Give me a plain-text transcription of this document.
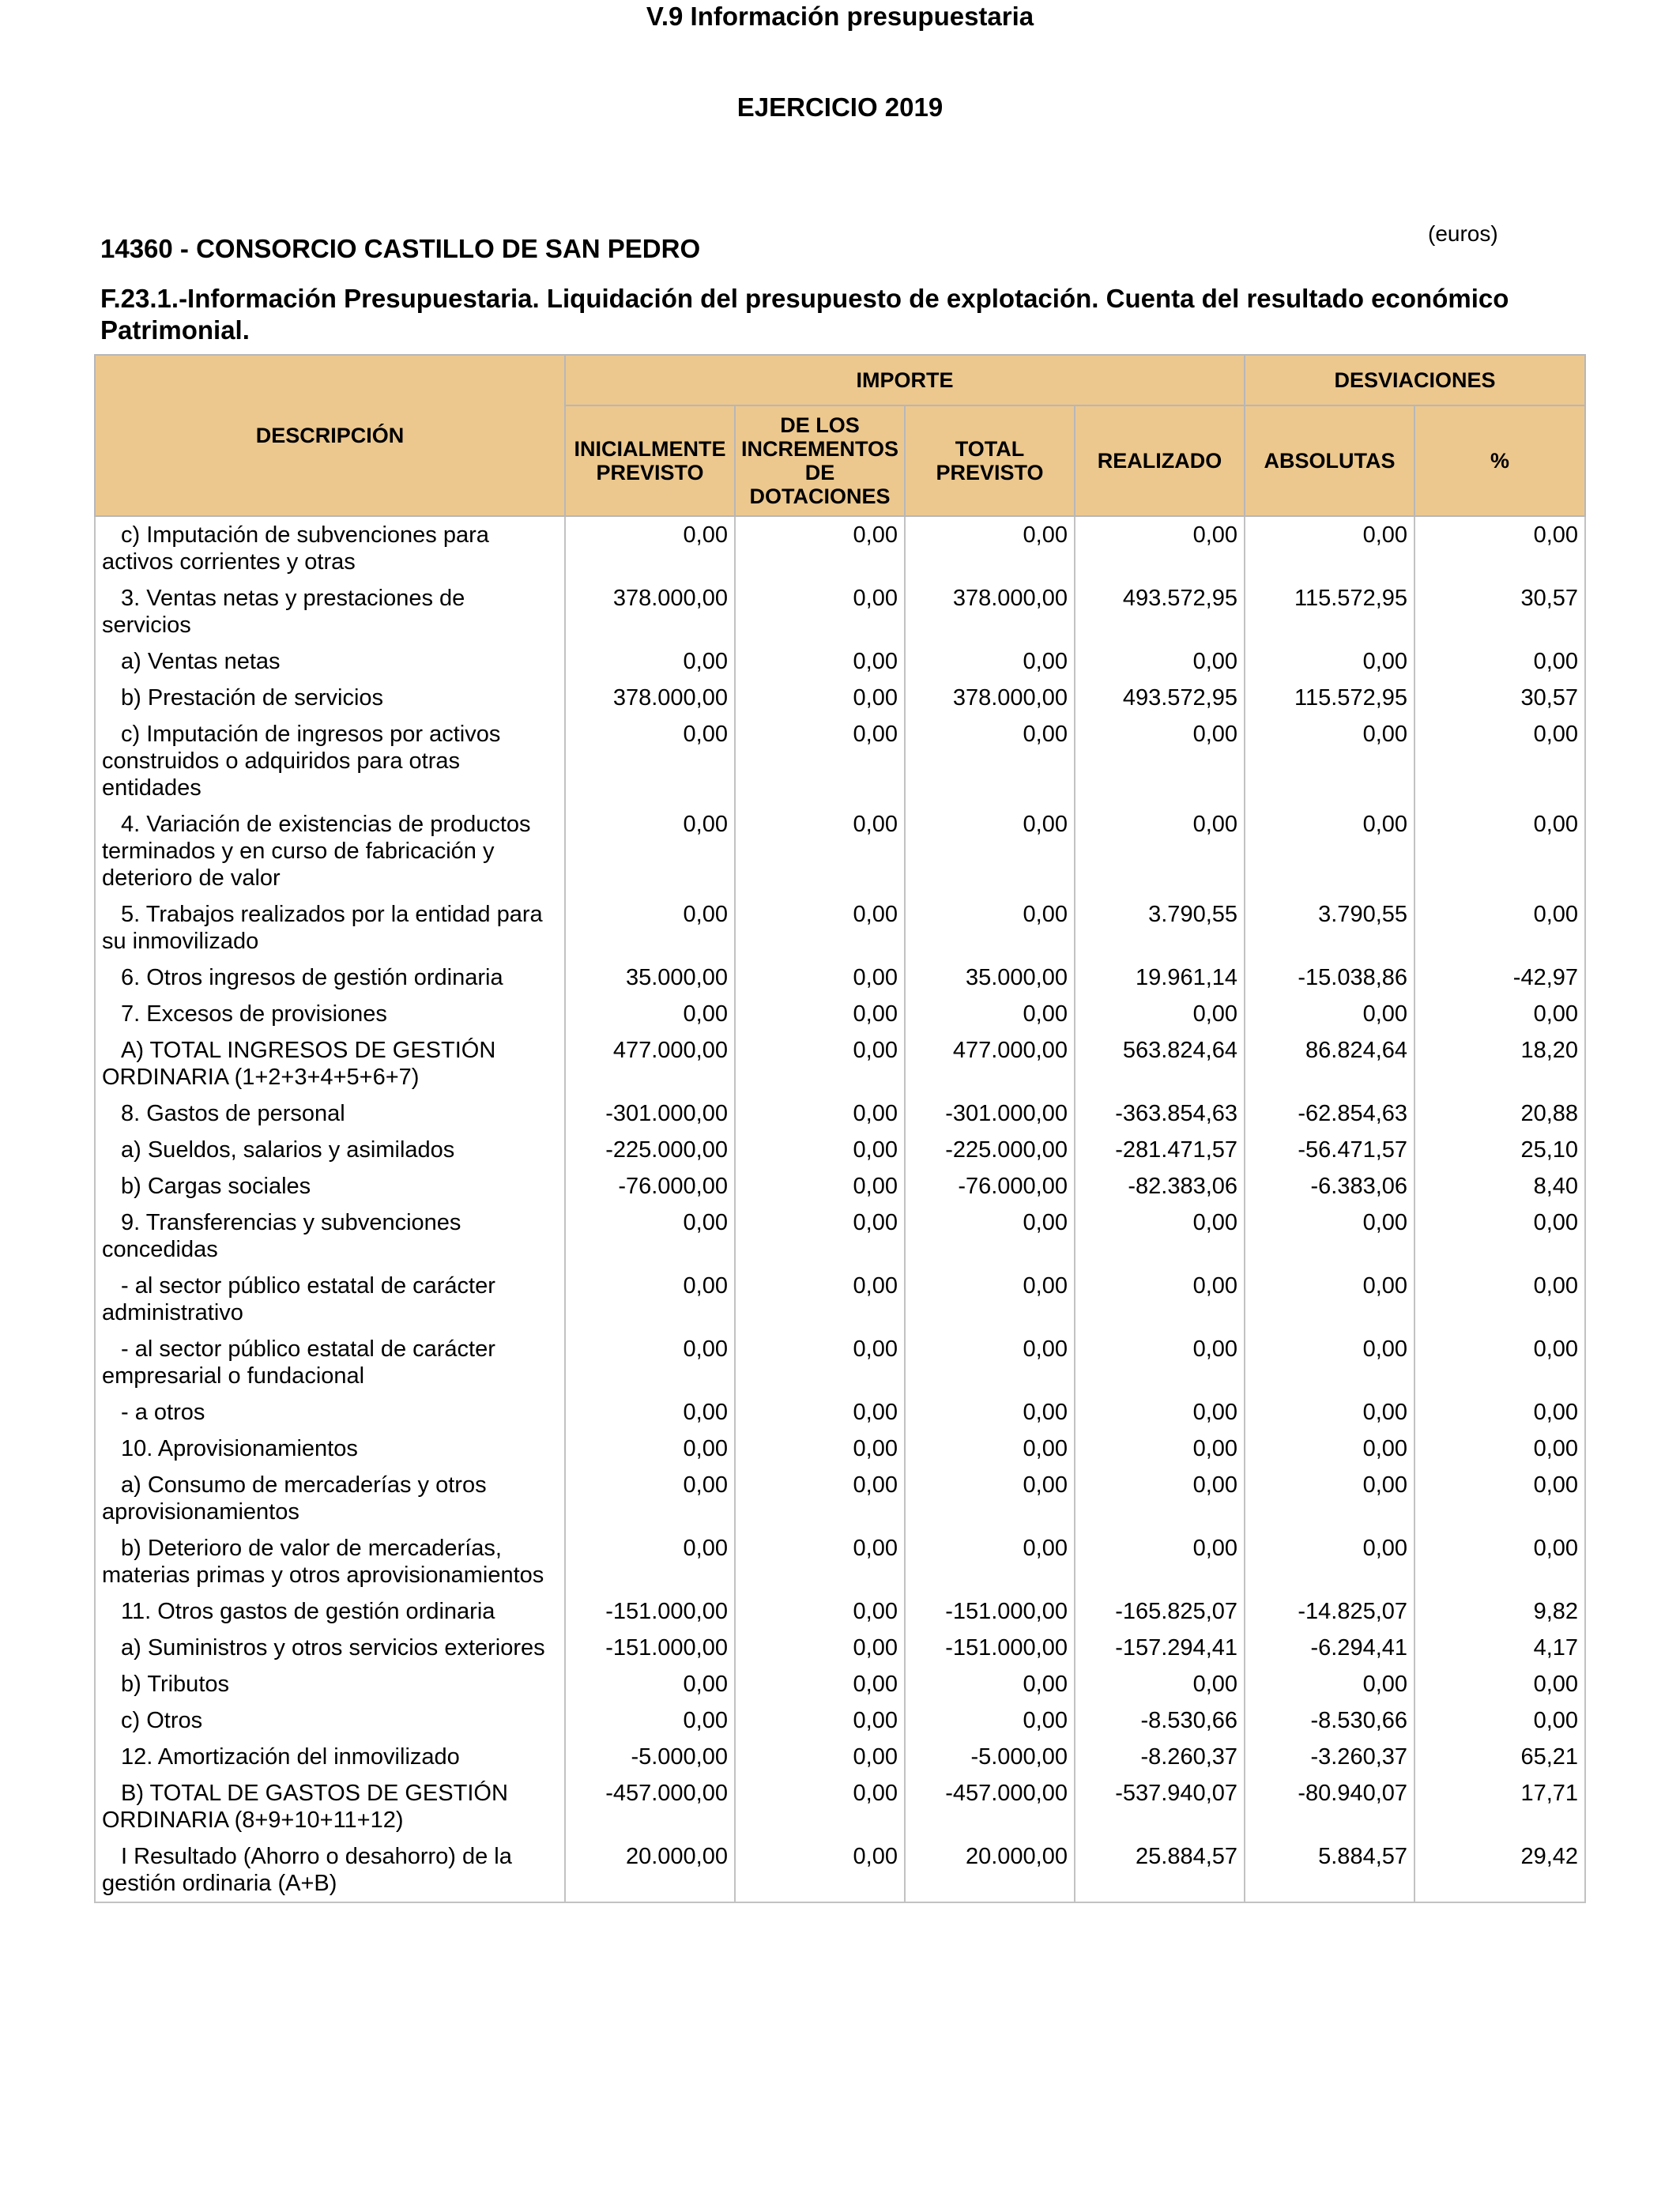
V.9 Información presupuestaria
EJERCICIO 2019
14360 - CONSORCIO CASTILLO DE SAN PEDRO
(euros)
F.23.1.-Información Presupuestaria. Liquidación del presupuesto de explotación. Cuenta del resultado económico Patrimonial.
DESCRIPCIÓN	IMPORTE				DESVIACIONES	
	INICIALMENTE PREVISTO	DE LOS INCREMENTOS DE DOTACIONES	TOTAL PREVISTO	REALIZADO	ABSOLUTAS	%

c) Imputación de subvenciones para activos corrientes y otras	0,00	0,00	0,00	0,00	0,00	0,00

3. Ventas netas y prestaciones de servicios	378.000,00	0,00	378.000,00	493.572,95	115.572,95	30,57

a) Ventas netas	0,00	0,00	0,00	0,00	0,00	0,00

b) Prestación de servicios	378.000,00	0,00	378.000,00	493.572,95	115.572,95	30,57

c) Imputación de ingresos por activos construidos o adquiridos para otras entidades	0,00	0,00	0,00	0,00	0,00	0,00

4. Variación de existencias de productos terminados y en curso de fabricación y deterioro de valor	0,00	0,00	0,00	0,00	0,00	0,00

5. Trabajos realizados por la entidad para su inmovilizado	0,00	0,00	0,00	3.790,55	3.790,55	0,00

6. Otros ingresos de gestión ordinaria	35.000,00	0,00	35.000,00	19.961,14	-15.038,86	-42,97

7. Excesos de provisiones	0,00	0,00	0,00	0,00	0,00	0,00

A) TOTAL INGRESOS DE GESTIÓN ORDINARIA (1+2+3+4+5+6+7)	477.000,00	0,00	477.000,00	563.824,64	86.824,64	18,20

8. Gastos de personal	-301.000,00	0,00	-301.000,00	-363.854,63	-62.854,63	20,88

a) Sueldos, salarios y asimilados	-225.000,00	0,00	-225.000,00	-281.471,57	-56.471,57	25,10

b) Cargas sociales	-76.000,00	0,00	-76.000,00	-82.383,06	-6.383,06	8,40

9. Transferencias y subvenciones concedidas	0,00	0,00	0,00	0,00	0,00	0,00

- al sector público estatal de carácter administrativo	0,00	0,00	0,00	0,00	0,00	0,00

- al sector público estatal de carácter empresarial o fundacional	0,00	0,00	0,00	0,00	0,00	0,00

- a otros	0,00	0,00	0,00	0,00	0,00	0,00

10. Aprovisionamientos	0,00	0,00	0,00	0,00	0,00	0,00

a) Consumo de mercaderías y otros aprovisionamientos	0,00	0,00	0,00	0,00	0,00	0,00

b) Deterioro de valor de mercaderías, materias primas y otros aprovisionamientos	0,00	0,00	0,00	0,00	0,00	0,00

11. Otros gastos de gestión ordinaria	-151.000,00	0,00	-151.000,00	-165.825,07	-14.825,07	9,82

a) Suministros y otros servicios exteriores	-151.000,00	0,00	-151.000,00	-157.294,41	-6.294,41	4,17

b) Tributos	0,00	0,00	0,00	0,00	0,00	0,00

c) Otros	0,00	0,00	0,00	-8.530,66	-8.530,66	0,00

12. Amortización del inmovilizado	-5.000,00	0,00	-5.000,00	-8.260,37	-3.260,37	65,21

B) TOTAL DE GASTOS DE GESTIÓN ORDINARIA (8+9+10+11+12)	-457.000,00	0,00	-457.000,00	-537.940,07	-80.940,07	17,71

I Resultado (Ahorro o desahorro) de la gestión ordinaria (A+B)	20.000,00	0,00	20.000,00	25.884,57	5.884,57	29,42
